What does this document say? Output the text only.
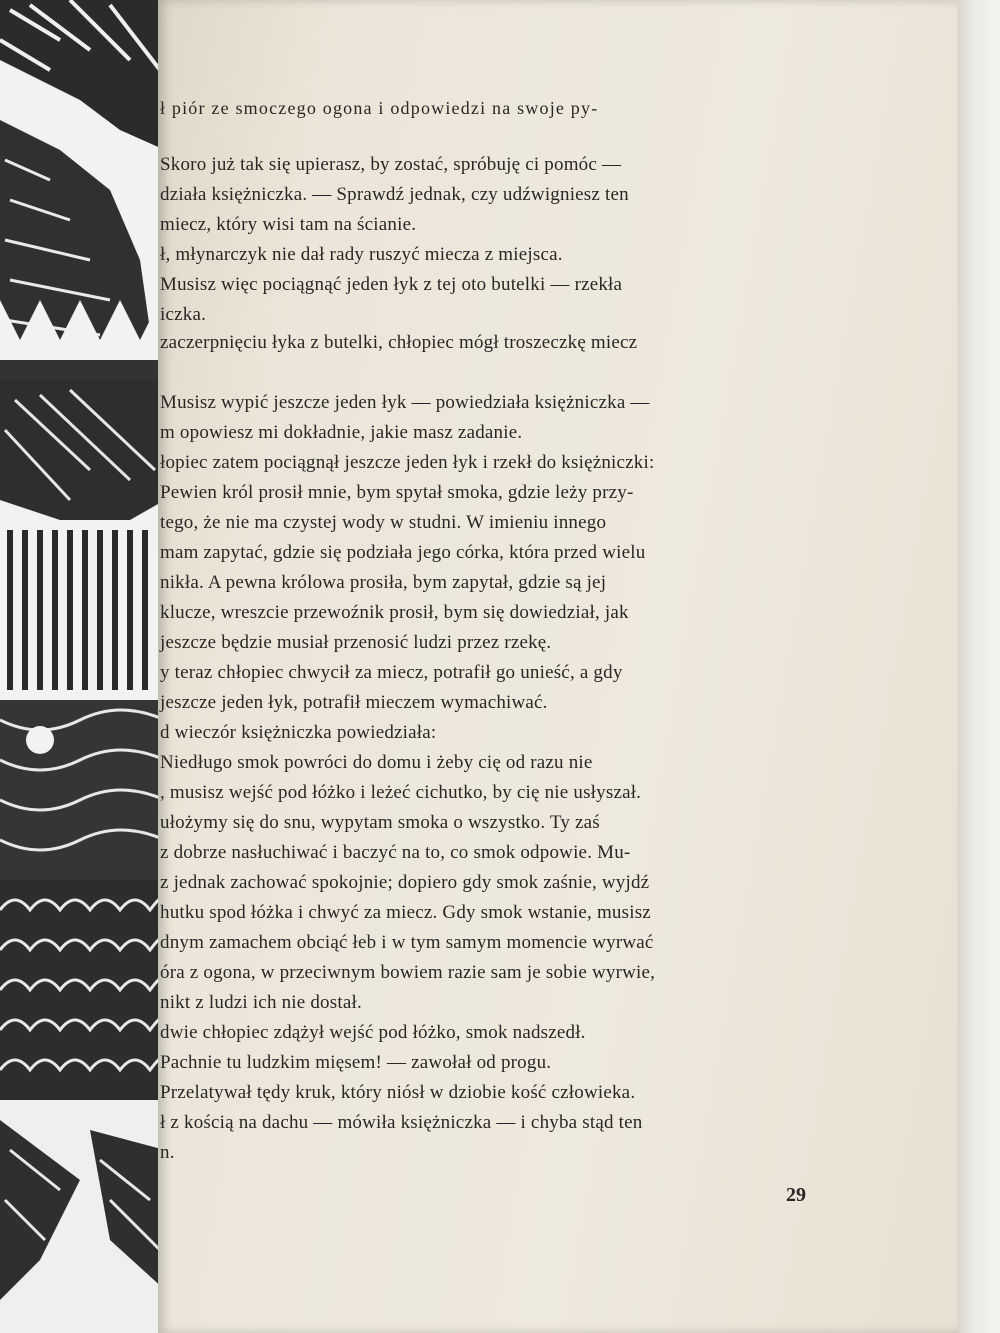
ł piór ze smoczego ogona i odpowiedzi na swoje py-
Skoro już tak się upierasz, by zostać, spróbuję ci pomóc —
działa księżniczka. — Sprawdź jednak, czy udźwigniesz ten
miecz, który wisi tam na ścianie.
ł, młynarczyk nie dał rady ruszyć miecza z miejsca.
Musisz więc pociągnąć jeden łyk z tej oto butelki — rzekła
iczka.
zaczerpnięciu łyka z butelki, chłopiec mógł troszeczkę miecz
Musisz wypić jeszcze jeden łyk — powiedziała księżniczka —
m opowiesz mi dokładnie, jakie masz zadanie.
łopiec zatem pociągnął jeszcze jeden łyk i rzekł do księżniczki:
Pewien król prosił mnie, bym spytał smoka, gdzie leży przy-
tego, że nie ma czystej wody w studni. W imieniu innego
mam zapytać, gdzie się podziała jego córka, która przed wielu
nikła. A pewna królowa prosiła, bym zapytał, gdzie są jej
klucze, wreszcie przewoźnik prosił, bym się dowiedział, jak
jeszcze będzie musiał przenosić ludzi przez rzekę.
y teraz chłopiec chwycił za miecz, potrafił go unieść, a gdy
jeszcze jeden łyk, potrafił mieczem wymachiwać.
d wieczór księżniczka powiedziała:
Niedługo smok powróci do domu i żeby cię od razu nie
, musisz wejść pod łóżko i leżeć cichutko, by cię nie usłyszał.
ułożymy się do snu, wypytam smoka o wszystko. Ty zaś
z dobrze nasłuchiwać i baczyć na to, co smok odpowie. Mu-
z jednak zachować spokojnie; dopiero gdy smok zaśnie, wyjdź
hutku spod łóżka i chwyć za miecz. Gdy smok wstanie, musisz
dnym zamachem obciąć łeb i w tym samym momencie wyrwać
óra z ogona, w przeciwnym bowiem razie sam je sobie wyrwie,
nikt z ludzi ich nie dostał.
dwie chłopiec zdążył wejść pod łóżko, smok nadszedł.
Pachnie tu ludzkim mięsem! — zawołał od progu.
Przelatywał tędy kruk, który niósł w dziobie kość człowieka.
ł z kością na dachu — mówiła księżniczka — i chyba stąd ten
n.
29
